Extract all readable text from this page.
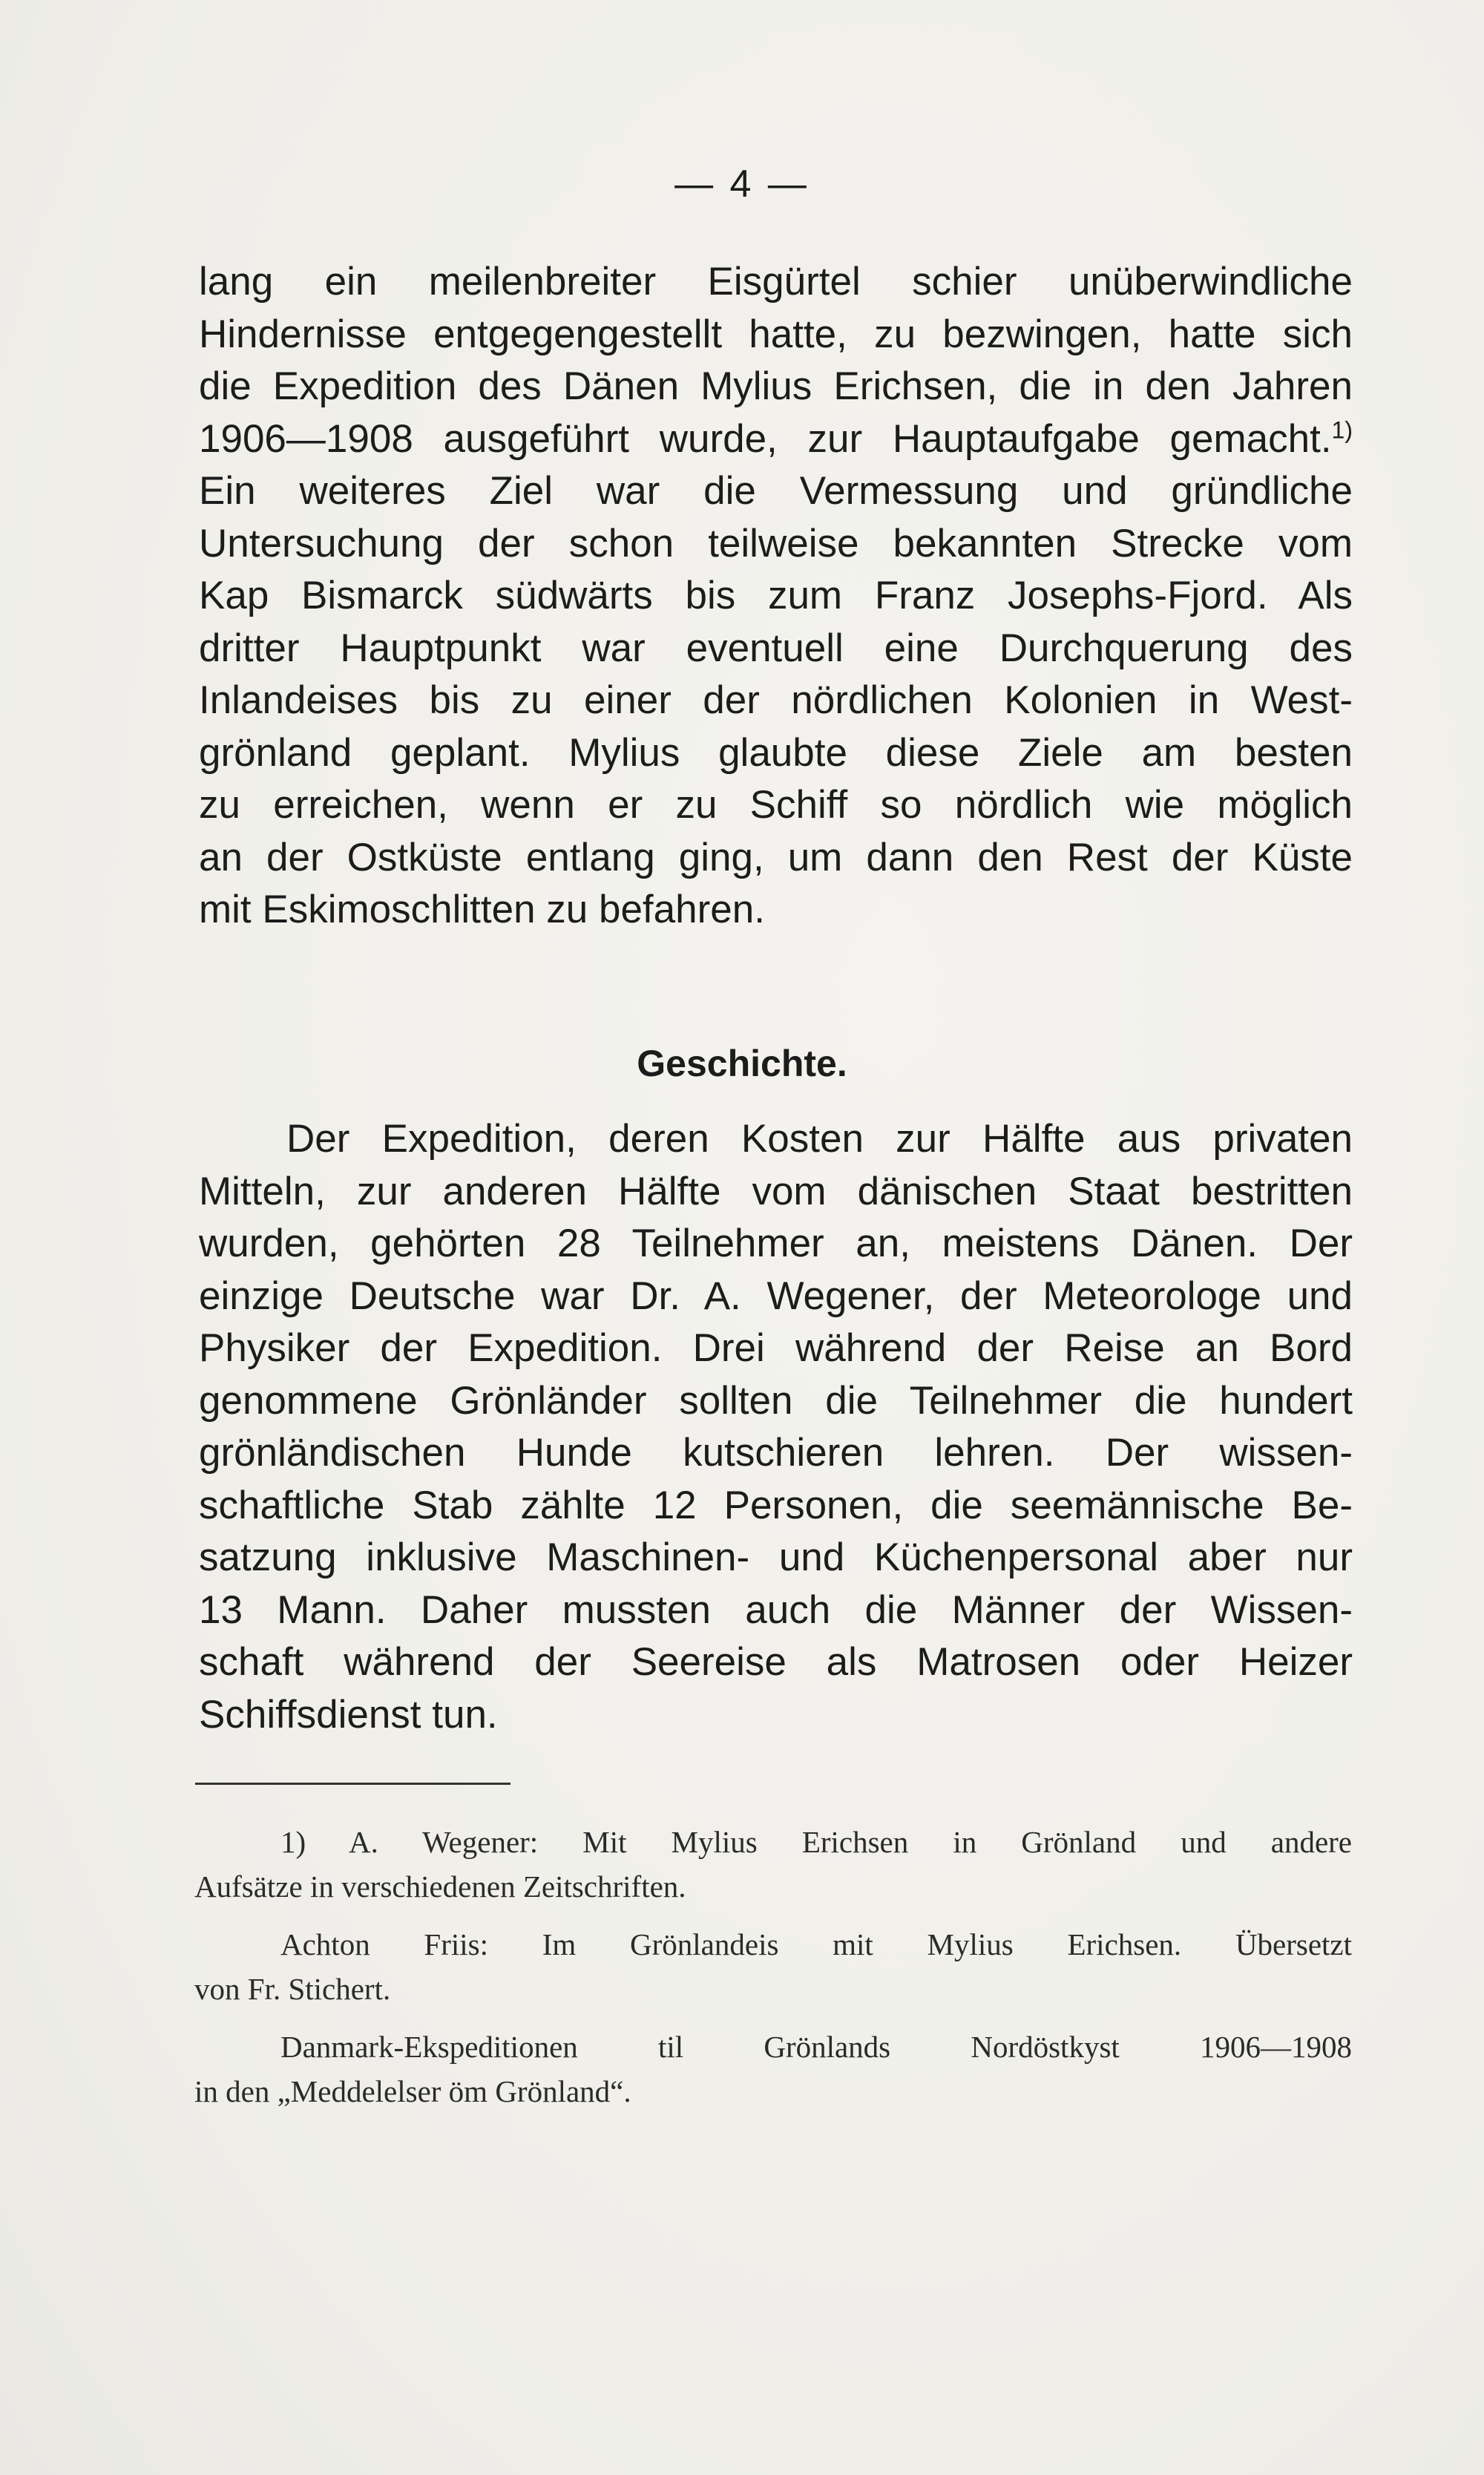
— 4 —
lang ein meilenbreiter Eisgürtel schier unüberwindliche
Hindernisse entgegengestellt hatte, zu bezwingen, hatte sich
die Expedition des Dänen Mylius Erichsen, die in den Jahren
1906—1908 ausgeführt wurde, zur Hauptaufgabe gemacht.$^{1)}$
Ein weiteres Ziel war die Vermessung und gründliche
Untersuchung der schon teilweise bekannten Strecke vom
Kap Bismarck südwärts bis zum Franz Josephs-Fjord. Als
dritter Hauptpunkt war eventuell eine Durchquerung des
Inlandeises bis zu einer der nördlichen Kolonien in West-
grönland geplant. Mylius glaubte diese Ziele am besten
zu erreichen, wenn er zu Schiff so nördlich wie möglich
an der Ostküste entlang ging, um dann den Rest der Küste
mit Eskimoschlitten zu befahren.
Geschichte.
Der Expedition, deren Kosten zur Hälfte aus privaten
Mitteln, zur anderen Hälfte vom dänischen Staat bestritten
wurden, gehörten 28 Teilnehmer an, meistens Dänen. Der
einzige Deutsche war Dr. A. Wegener, der Meteorologe und
Physiker der Expedition. Drei während der Reise an Bord
genommene Grönländer sollten die Teilnehmer die hundert
grönländischen Hunde kutschieren lehren. Der wissen-
schaftliche Stab zählte 12 Personen, die seemännische Be-
satzung inklusive Maschinen- und Küchenpersonal aber nur
13 Mann. Daher mussten auch die Männer der Wissen-
schaft während der Seereise als Matrosen oder Heizer
Schiffsdienst tun.
1) A. Wegener: Mit Mylius Erichsen in Grönland und andere
Aufsätze in verschiedenen Zeitschriften.
Achton Friis: Im Grönlandeis mit Mylius Erichsen. Übersetzt
von Fr. Stichert.
Danmark-Ekspeditionen til Grönlands Nordöstkyst 1906—1908
in den „Meddelelser öm Grönland“.
